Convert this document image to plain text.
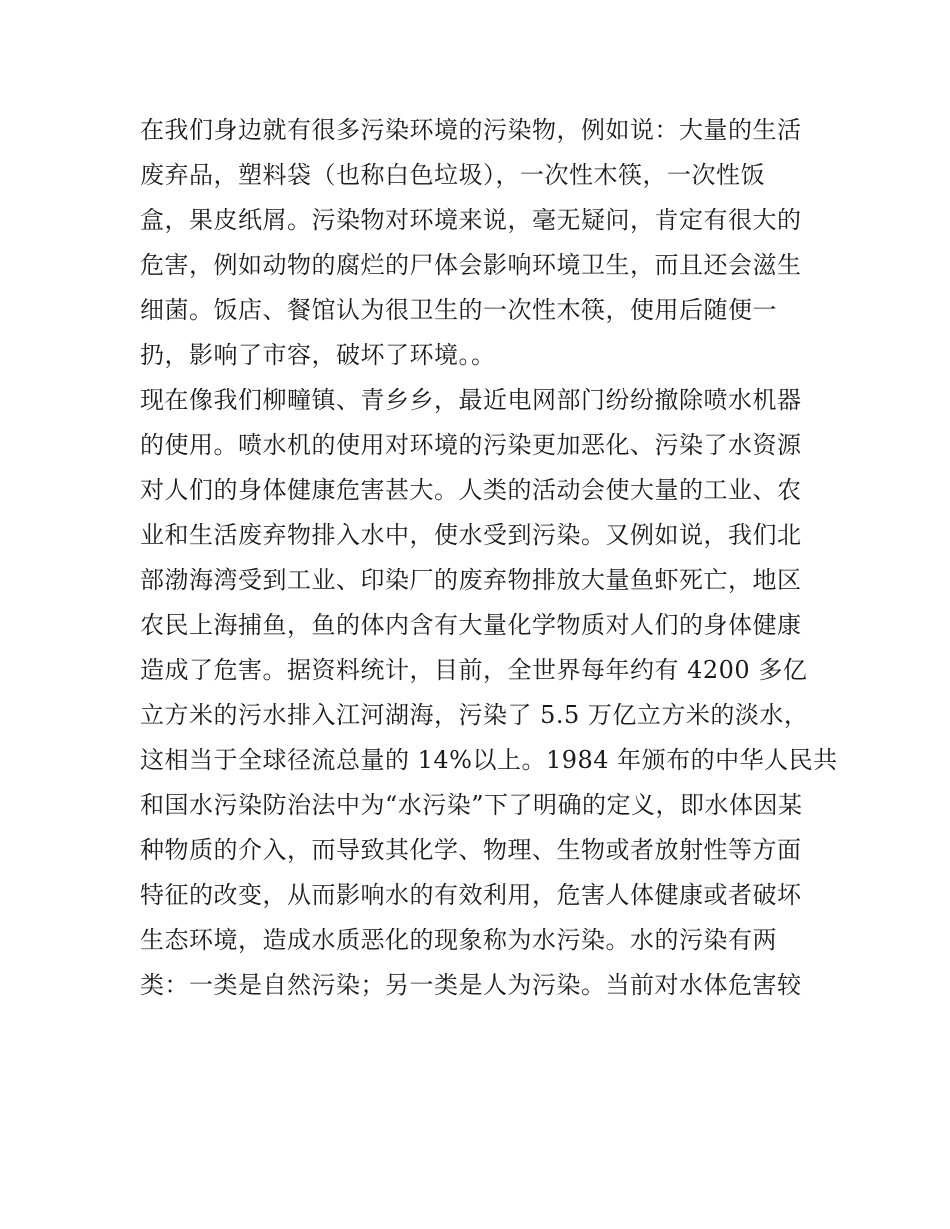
在我们身边就有很多污染环境的污染物，例如说：大量的生活
废弃品，塑料袋（也称白色垃圾），一次性木筷，一次性饭
盒，果皮纸屑。污染物对环境来说，毫无疑问，肯定有很大的
危害，例如动物的腐烂的尸体会影响环境卫生，而且还会滋生
细菌。饭店、餐馆认为很卫生的一次性木筷，使用后随便一
扔，影响了市容，破坏了环境。。
现在像我们柳疃镇、青乡乡，最近电网部门纷纷撤除喷水机器
的使用。喷水机的使用对环境的污染更加恶化、污染了水资源
对人们的身体健康危害甚大。人类的活动会使大量的工业、农
业和生活废弃物排入水中，使水受到污染。又例如说，我们北
部渤海湾受到工业、印染厂的废弃物排放大量鱼虾死亡，地区
农民上海捕鱼，鱼的体内含有大量化学物质对人们的身体健康
造成了危害。据资料统计，目前，全世界每年约有 4200 多亿
立方米的污水排入江河湖海，污染了 5.5 万亿立方米的淡水，
这相当于全球径流总量的 14%以上。1984 年颁布的中华人民共
和国水污染防治法中为“水污染”下了明确的定义，即水体因某
种物质的介入，而导致其化学、物理、生物或者放射性等方面
特征的改变，从而影响水的有效利用，危害人体健康或者破坏
生态环境，造成水质恶化的现象称为水污染。水的污染有两
类：一类是自然污染；另一类是人为污染。当前对水体危害较
